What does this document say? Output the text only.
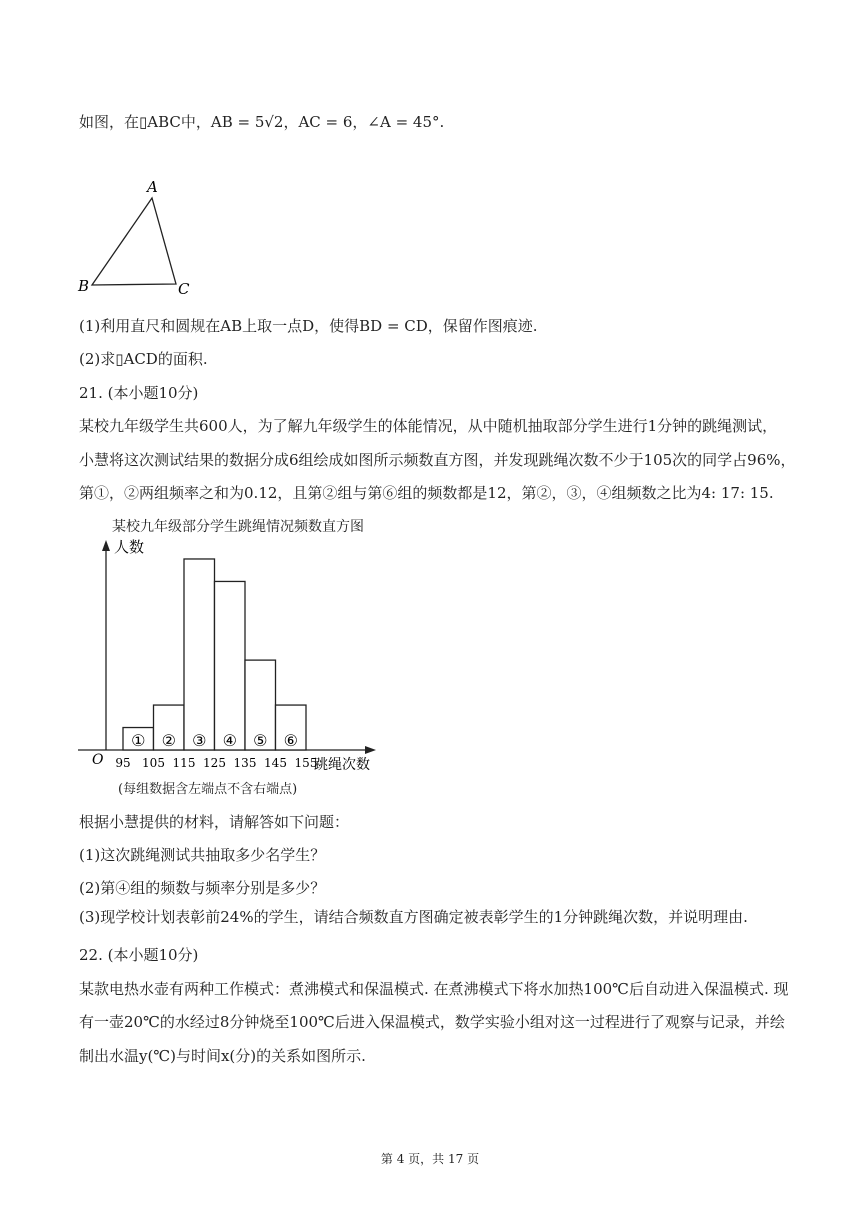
如图，在▯ABC中，AB = 5√2，AC = 6，∠A = 45°.
A
B	C
(1)利用直尺和圆规在AB上取一点D，使得BD = CD，保留作图痕迹.
(2)求▯ACD的面积.
21. (本小题10分)
某校九年级学生共600人，为了解九年级学生的体能情况，从中随机抽取部分学生进行1分钟的跳绳测试，
小慧将这次测试结果的数据分成6组绘成如图所示频数直方图，并发现跳绳次数不少于105次的同学占96%，
第①，②两组频率之和为0.12，且第②组与第⑥组的频数都是12，第②，③，④组频数之比为4: 17: 15.
某校九年级部分学生跳绳情况频数直方图
人数
跳绳次数
O
① ② ③ ④ ⑤ ⑥
95 105 115 125 135 145 155
(每组数据含左端点不含右端点)
根据小慧提供的材料，请解答如下问题：
(1)这次跳绳测试共抽取多少名学生？
(2)第④组的频数与频率分别是多少？
(3)现学校计划表彰前24%的学生，请结合频数直方图确定被表彰学生的1分钟跳绳次数，并说明理由.
22. (本小题10分)
某款电热水壶有两种工作模式：煮沸模式和保温模式. 在煮沸模式下将水加热100℃后自动进入保温模式. 现
有一壶20℃的水经过8分钟烧至100℃后进入保温模式，数学实验小组对这一过程进行了观察与记录，并绘
制出水温y(℃)与时间x(分)的关系如图所示.
第 4 页，共 17 页
